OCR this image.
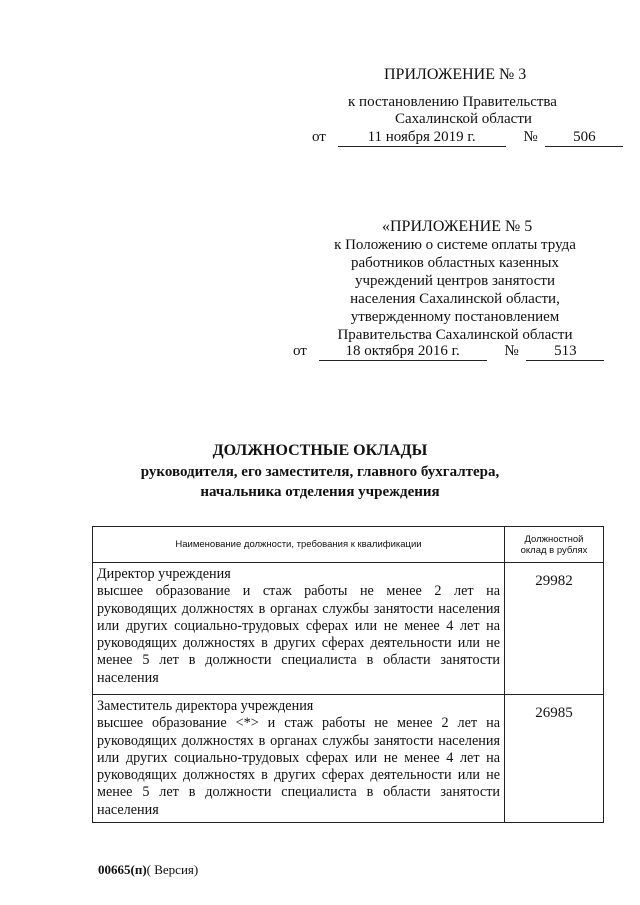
ПРИЛОЖЕНИЕ № 3
к постановлению Правительства
Сахалинской области
от	11 ноября 2019 г.	№ 506
«ПРИЛОЖЕНИЕ № 5
к Положению о системе оплаты труда
работников областных казенных
учреждений центров занятости
населения Сахалинской области,
утвержденному постановлением
Правительства Сахалинской области
от	18 октября 2016 г.	№ 513
ДОЛЖНОСТНЫЕ ОКЛАДЫ
руководителя, его заместителя, главного бухгалтера,
начальника отделения учреждения
Наименование должности, требования к квалификации	Должностной
оклад в рублях

Директор учреждения
высшее образование и стаж работы не менее 2 лет на руководящих должностях в органах службы занятости населения или других социально-трудовых сферах или не менее 4 лет на руководящих должностях в других сферах деятельности или не менее 5 лет в должности специалиста в области занятости населения	29982

Заместитель директора учреждения
высшее образование <*> и стаж работы не менее 2 лет на руководящих должностях в органах службы занятости населения или других социально-трудовых сферах или не менее 4 лет на руководящих должностях в других сферах деятельности или не менее 5 лет в должности специалиста в области занятости населения	26985
00665(п)( Версия)
